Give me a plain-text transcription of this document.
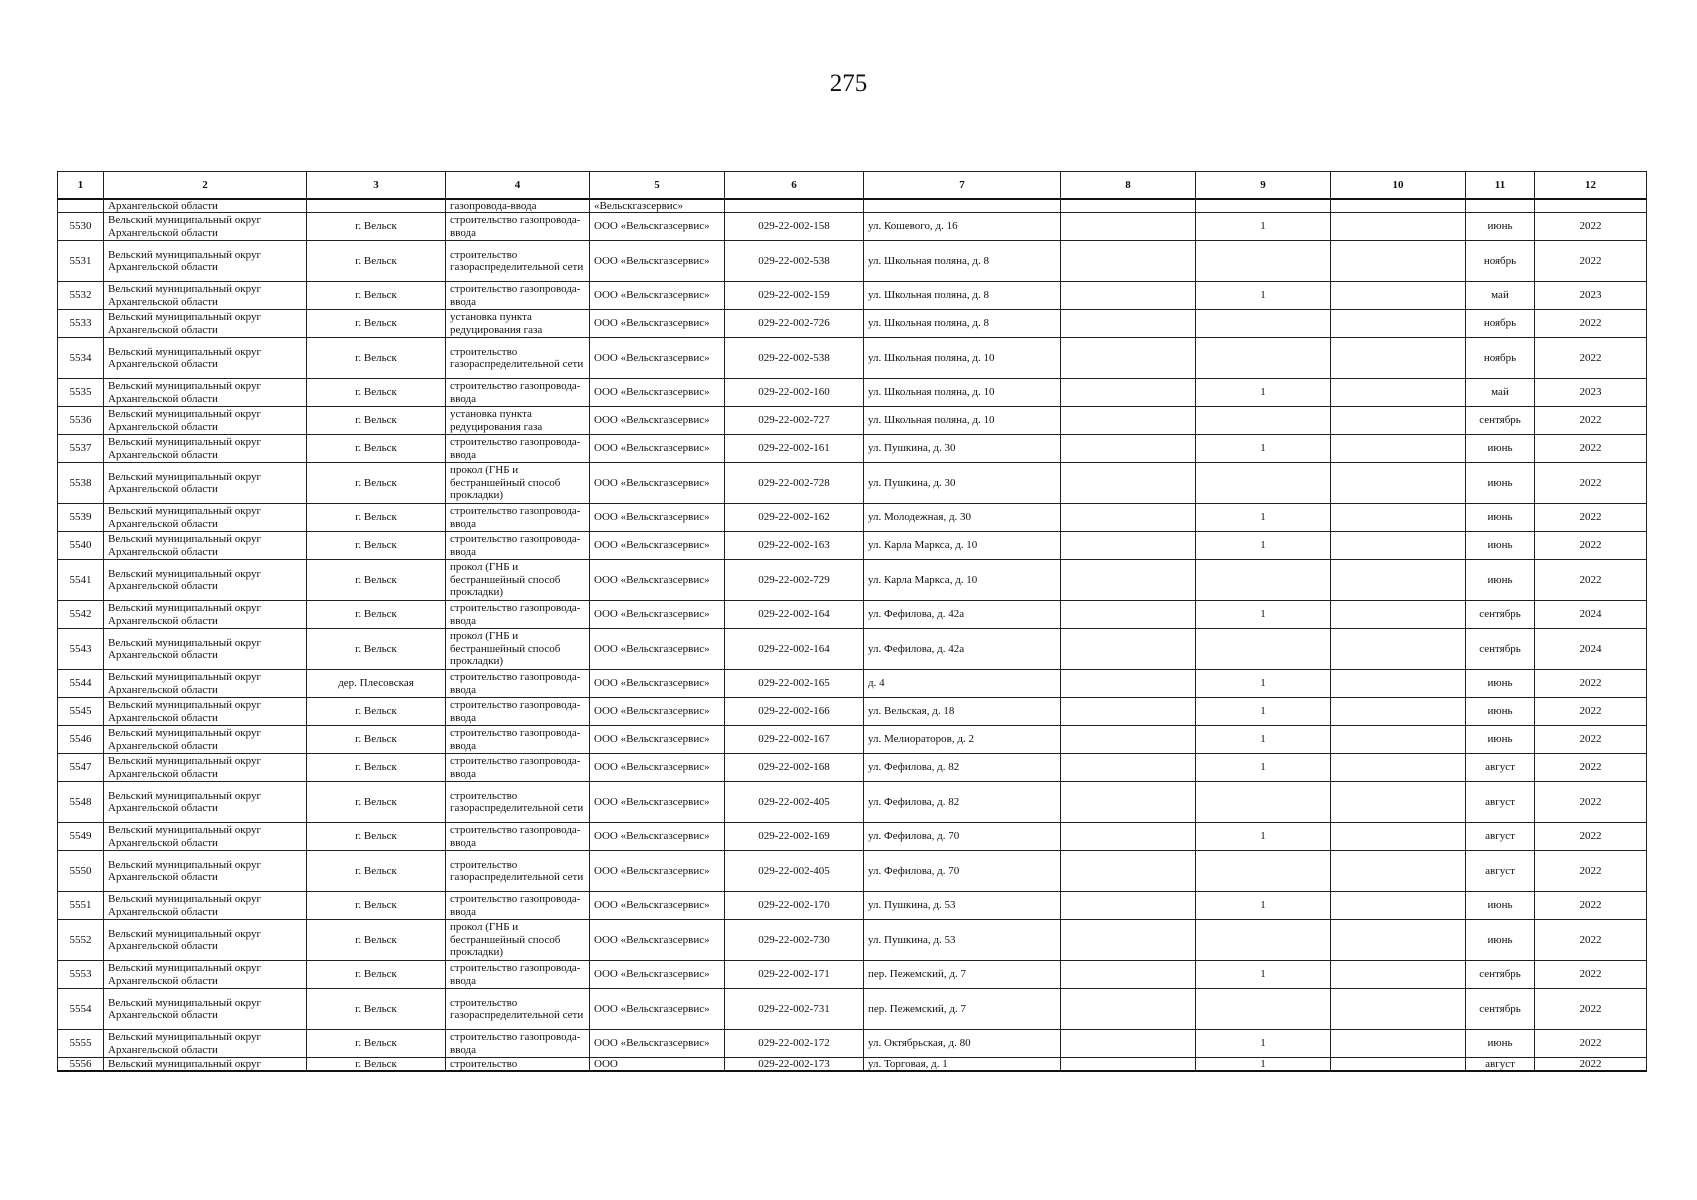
275
1	2	3	4	5	6	7	8	9	10	11	12
	Архангельской области		газопровода-ввода	«Вельскгазсервис»							
5530	Вельский муниципальный округ Архангельской области	г. Вельск	строительство газопровода-ввода	ООО «Вельскгазсервис»	029-22-002-158	ул. Кошевого, д. 16		1		июнь	2022
5531	Вельский муниципальный округ Архангельской области	г. Вельск	строительство газораспределительной сети	ООО «Вельскгазсервис»	029-22-002-538	ул. Школьная поляна, д. 8				ноябрь	2022
5532	Вельский муниципальный округ Архангельской области	г. Вельск	строительство газопровода-ввода	ООО «Вельскгазсервис»	029-22-002-159	ул. Школьная поляна, д. 8		1		май	2023
5533	Вельский муниципальный округ Архангельской области	г. Вельск	установка пункта редуцирования газа	ООО «Вельскгазсервис»	029-22-002-726	ул. Школьная поляна, д. 8				ноябрь	2022
5534	Вельский муниципальный округ Архангельской области	г. Вельск	строительство газораспределительной сети	ООО «Вельскгазсервис»	029-22-002-538	ул. Школьная поляна, д. 10				ноябрь	2022
5535	Вельский муниципальный округ Архангельской области	г. Вельск	строительство газопровода-ввода	ООО «Вельскгазсервис»	029-22-002-160	ул. Школьная поляна, д. 10		1		май	2023
5536	Вельский муниципальный округ Архангельской области	г. Вельск	установка пункта редуцирования газа	ООО «Вельскгазсервис»	029-22-002-727	ул. Школьная поляна, д. 10				сентябрь	2022
5537	Вельский муниципальный округ Архангельской области	г. Вельск	строительство газопровода-ввода	ООО «Вельскгазсервис»	029-22-002-161	ул. Пушкина, д. 30		1		июнь	2022
5538	Вельский муниципальный округ Архангельской области	г. Вельск	прокол (ГНБ и бестраншейный способ прокладки)	ООО «Вельскгазсервис»	029-22-002-728	ул. Пушкина, д. 30				июнь	2022
5539	Вельский муниципальный округ Архангельской области	г. Вельск	строительство газопровода-ввода	ООО «Вельскгазсервис»	029-22-002-162	ул. Молодежная, д. 30		1		июнь	2022
5540	Вельский муниципальный округ Архангельской области	г. Вельск	строительство газопровода-ввода	ООО «Вельскгазсервис»	029-22-002-163	ул. Карла Маркса, д. 10		1		июнь	2022
5541	Вельский муниципальный округ Архангельской области	г. Вельск	прокол (ГНБ и бестраншейный способ прокладки)	ООО «Вельскгазсервис»	029-22-002-729	ул. Карла Маркса, д. 10				июнь	2022
5542	Вельский муниципальный округ Архангельской области	г. Вельск	строительство газопровода-ввода	ООО «Вельскгазсервис»	029-22-002-164	ул. Фефилова, д. 42а		1		сентябрь	2024
5543	Вельский муниципальный округ Архангельской области	г. Вельск	прокол (ГНБ и бестраншейный способ прокладки)	ООО «Вельскгазсервис»	029-22-002-164	ул. Фефилова, д. 42а				сентябрь	2024
5544	Вельский муниципальный округ Архангельской области	дер. Плесовская	строительство газопровода-ввода	ООО «Вельскгазсервис»	029-22-002-165	д. 4		1		июнь	2022
5545	Вельский муниципальный округ Архангельской области	г. Вельск	строительство газопровода-ввода	ООО «Вельскгазсервис»	029-22-002-166	ул. Вельская, д. 18		1		июнь	2022
5546	Вельский муниципальный округ Архангельской области	г. Вельск	строительство газопровода-ввода	ООО «Вельскгазсервис»	029-22-002-167	ул. Мелиораторов, д. 2		1		июнь	2022
5547	Вельский муниципальный округ Архангельской области	г. Вельск	строительство газопровода-ввода	ООО «Вельскгазсервис»	029-22-002-168	ул. Фефилова, д. 82		1		август	2022
5548	Вельский муниципальный округ Архангельской области	г. Вельск	строительство газораспределительной сети	ООО «Вельскгазсервис»	029-22-002-405	ул. Фефилова, д. 82				август	2022
5549	Вельский муниципальный округ Архангельской области	г. Вельск	строительство газопровода-ввода	ООО «Вельскгазсервис»	029-22-002-169	ул. Фефилова, д. 70		1		август	2022
5550	Вельский муниципальный округ Архангельской области	г. Вельск	строительство газораспределительной сети	ООО «Вельскгазсервис»	029-22-002-405	ул. Фефилова, д. 70				август	2022
5551	Вельский муниципальный округ Архангельской области	г. Вельск	строительство газопровода-ввода	ООО «Вельскгазсервис»	029-22-002-170	ул. Пушкина, д. 53		1		июнь	2022
5552	Вельский муниципальный округ Архангельской области	г. Вельск	прокол (ГНБ и бестраншейный способ прокладки)	ООО «Вельскгазсервис»	029-22-002-730	ул. Пушкина, д. 53				июнь	2022
5553	Вельский муниципальный округ Архангельской области	г. Вельск	строительство газопровода-ввода	ООО «Вельскгазсервис»	029-22-002-171	пер. Пежемский, д. 7		1		сентябрь	2022
5554	Вельский муниципальный округ Архангельской области	г. Вельск	строительство газораспределительной сети	ООО «Вельскгазсервис»	029-22-002-731	пер. Пежемский, д. 7				сентябрь	2022
5555	Вельский муниципальный округ Архангельской области	г. Вельск	строительство газопровода-ввода	ООО «Вельскгазсервис»	029-22-002-172	ул. Октябрьская, д. 80		1		июнь	2022
5556	Вельский муниципальный округ	г. Вельск	строительство	ООО	029-22-002-173	ул. Торговая, д. 1		1		август	2022
